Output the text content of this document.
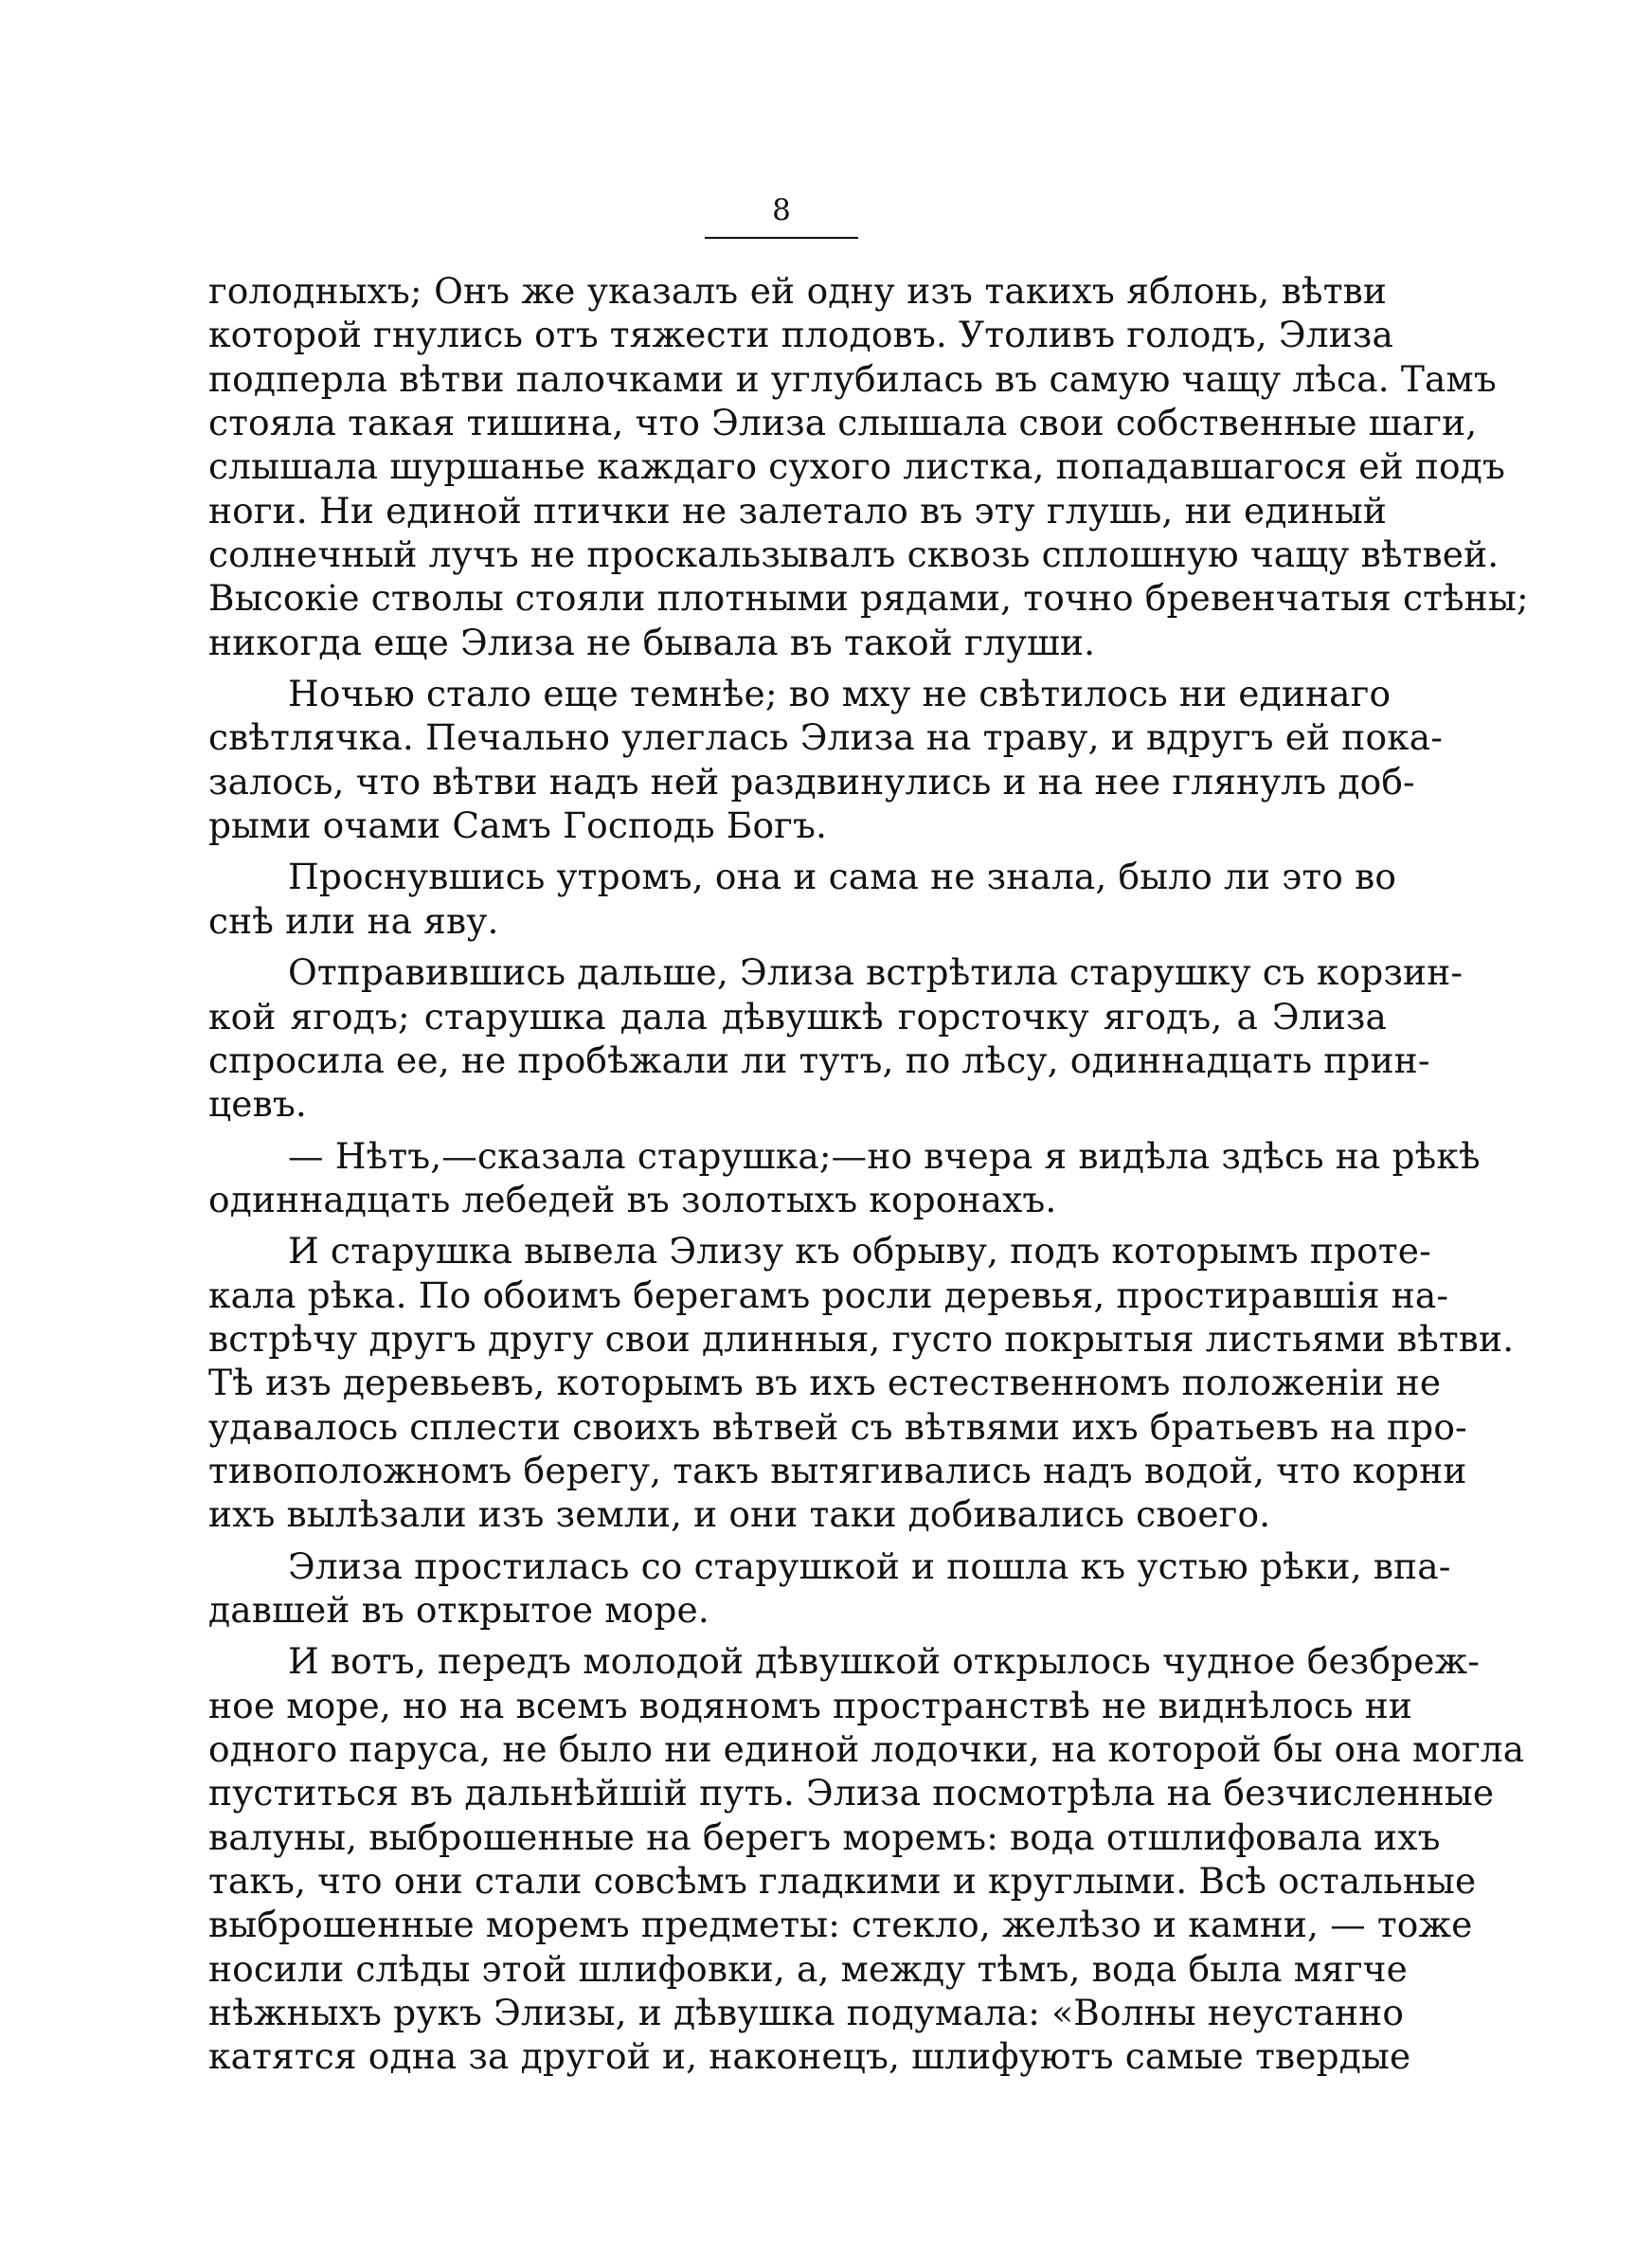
8
голодныхъ; Онъ же указалъ ей одну изъ такихъ яблонь, вѣтви
которой гнулись отъ тяжести плодовъ. Утоливъ голодъ, Элиза
подперла вѣтви палочками и углубилась въ самую чащу лѣса. Тамъ
стояла такая тишина, что Элиза слышала свои собственные шаги,
слышала шуршанье каждаго сухого листка, попадавшагося ей подъ
ноги. Ни единой птички не залетало въ эту глушь, ни единый
солнечный лучъ не проскальзывалъ сквозь сплошную чащу вѣтвей.
Высокіе стволы стояли плотными рядами, точно бревенчатыя стѣны;
никогда еще Элиза не бывала въ такой глуши.
Ночью стало еще темнѣе; во мху не свѣтилось ни единаго
свѣтлячка. Печально улеглась Элиза на траву, и вдругъ ей пока-
залось, что вѣтви надъ ней раздвинулись и на нее глянулъ доб-
рыми очами Самъ Господь Богъ.
Проснувшись утромъ, она и сама не знала, было ли это во
снѣ или на яву.
Отправившись дальше, Элиза встрѣтила старушку съ корзин-
кой ягодъ; старушка дала дѣвушкѣ горсточку ягодъ, а Элиза
спросила ее, не пробѣжали ли тутъ, по лѣсу, одиннадцать прин-
цевъ.
— Нѣтъ,—сказала старушка;—но вчера я видѣла здѣсь на рѣкѣ
одиннадцать лебедей въ золотыхъ коронахъ.
И старушка вывела Элизу къ обрыву, подъ которымъ проте-
кала рѣка. По обоимъ берегамъ росли деревья, простиравшія на-
встрѣчу другъ другу свои длинныя, густо покрытыя листьями вѣтви.
Тѣ изъ деревьевъ, которымъ въ ихъ естественномъ положеніи не
удавалось сплести своихъ вѣтвей съ вѣтвями ихъ братьевъ на про-
тивоположномъ берегу, такъ вытягивались надъ водой, что корни
ихъ вылѣзали изъ земли, и они таки добивались своего.
Элиза простилась со старушкой и пошла къ устью рѣки, впа-
давшей въ открытое море.
И вотъ, передъ молодой дѣвушкой открылось чудное безбреж-
ное море, но на всемъ водяномъ пространствѣ не виднѣлось ни
одного паруса, не было ни единой лодочки, на которой бы она могла
пуститься въ дальнѣйшій путь. Элиза посмотрѣла на безчисленные
валуны, выброшенные на берегъ моремъ: вода отшлифовала ихъ
такъ, что они стали совсѣмъ гладкими и круглыми. Всѣ остальные
выброшенные моремъ предметы: стекло, желѣзо и камни, — тоже
носили слѣды этой шлифовки, а, между тѣмъ, вода была мягче
нѣжныхъ рукъ Элизы, и дѣвушка подумала: «Волны неустанно
катятся одна за другой и, наконецъ, шлифуютъ самые твердые
